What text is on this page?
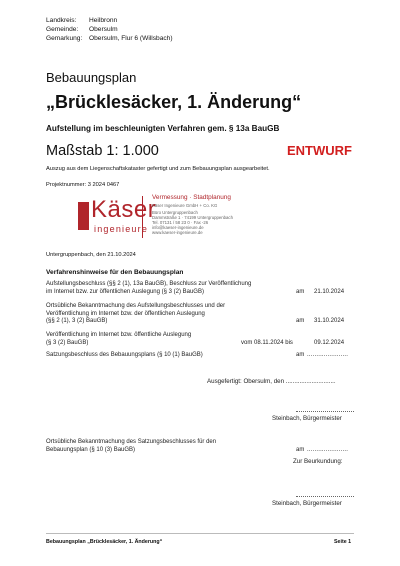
Landkreis: Heilbronn
Gemeinde: Obersulm
Gemarkung: Obersulm, Flur 6 (Willsbach)
Bebauungsplan
„Brücklesäcker, 1. Änderung“
Aufstellung im beschleunigten Verfahren gem. § 13a BauGB
Maßstab 1: 1.000	ENTWURF
Auszug aus dem Liegenschaftskataster gefertigt und zum Bebauungsplan ausgearbeitet.
Projektnummer: 3 2024 0467
Käser
ingenieure
Vermessung · Stadtplanung
Käser Ingenieure GmbH + Co. KG
Büro Untergruppenbach
Dammstraße 1 · 74199 Untergruppenbach
Tel. 07131 / 58 23 0 · Fax -26
info@kaeser-ingenieure.de
www.kaeser-ingenieure.de
Untergruppenbach, den 21.10.2024
Verfahrenshinweise für den Bebauungsplan
Aufstellungsbeschluss (§§ 2 (1), 13a BauGB), Beschluss zur Veröffentlichung
im Internet bzw. zur öffentlichen Auslegung (§ 3 (2) BauGB)	am 21.10.2024
Ortsübliche Bekanntmachung des Aufstellungsbeschlusses und der
Veröffentlichung im Internet bzw. der öffentlichen Auslegung
(§§ 2 (1), 3 (2) BauGB)	am 31.10.2024
Veröffentlichung im Internet bzw. öffentliche Auslegung
(§ 3 (2) BauGB)	vom 08.11.2024 bis	09.12.2024
Satzungsbeschluss des Bebauungsplans (§ 10 (1) BauGB)	am ......................
Ausgefertigt: Obersulm, den .............................
Steinbach, Bürgermeister
Ortsübliche Bekanntmachung des Satzungsbeschlusses für den
Bebauungsplan (§ 10 (3) BauGB)	am ......................
Zur Beurkundung:
Steinbach, Bürgermeister
Bebauungsplan „Brücklesäcker, 1. Änderung“	Seite 1
